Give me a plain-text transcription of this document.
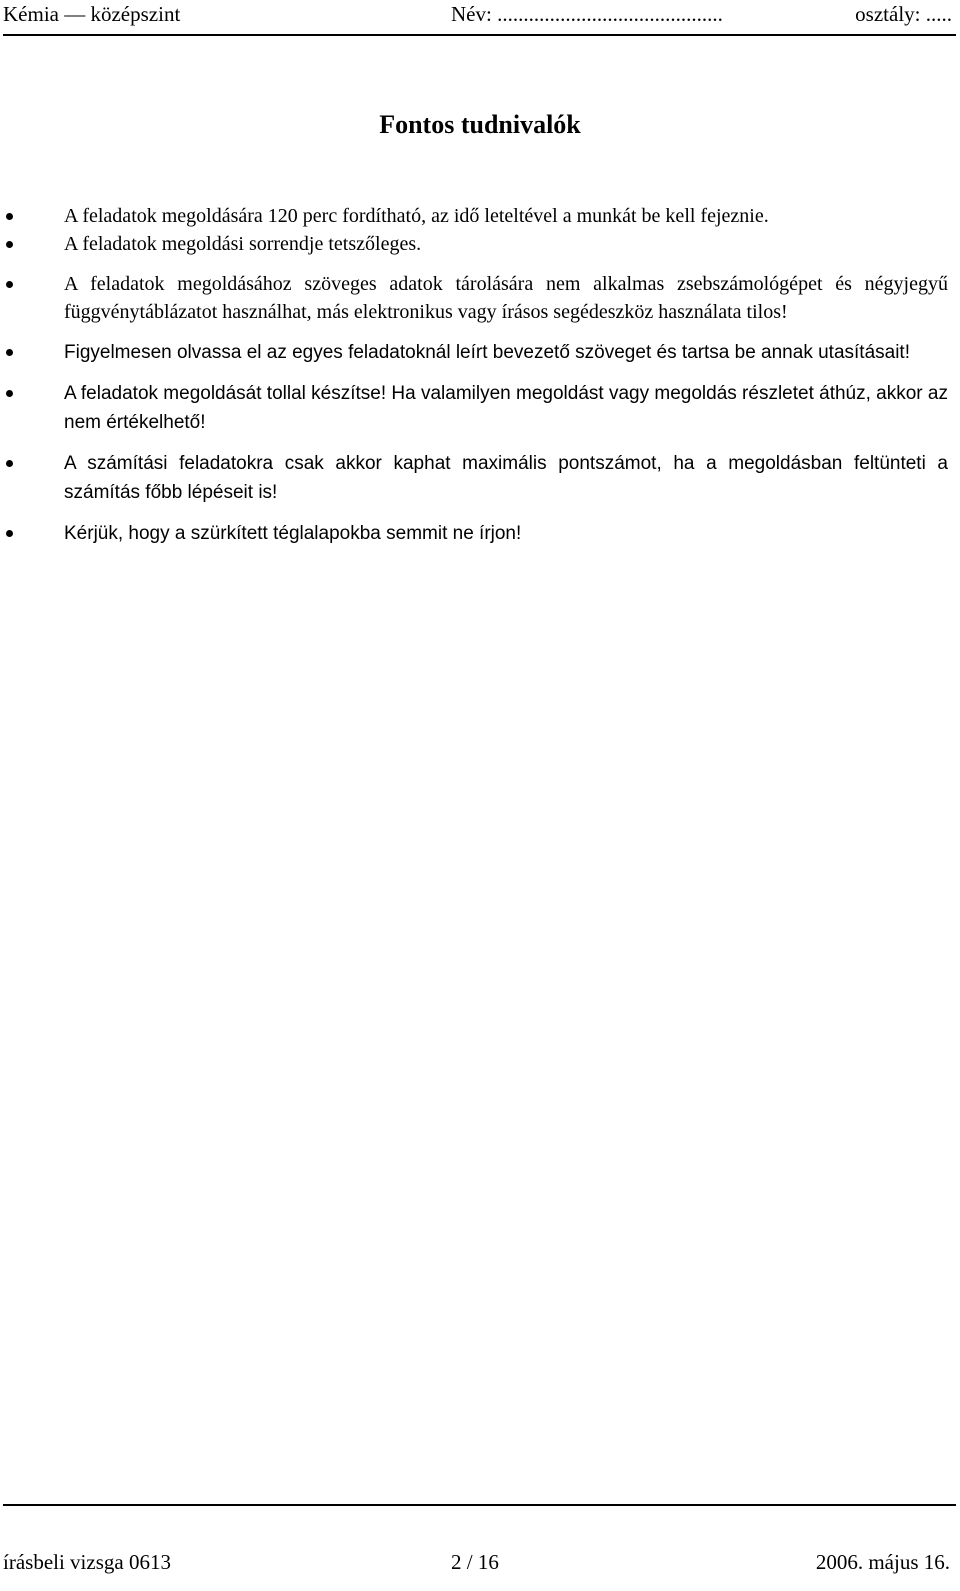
Kémia — középszint	Név: ...........................................	osztály: .....
Fontos tudnivalók
A feladatok megoldására 120 perc fordítható, az idő leteltével a munkát be kell fejeznie.
A feladatok megoldási sorrendje tetszőleges.
A feladatok megoldásához szöveges adatok tárolására nem alkalmas zsebszámológépet és négyjegyű függvénytáblázatot használhat, más elektronikus vagy írásos segédeszköz használata tilos!
Figyelmesen olvassa el az egyes feladatoknál leírt bevezető szöveget és tartsa be annak utasításait!
A feladatok megoldását tollal készítse! Ha valamilyen megoldást vagy megoldás részletet áthúz, akkor az nem értékelhető!
A számítási feladatokra csak akkor kaphat maximális pontszámot, ha a megoldásban feltünteti a számítás főbb lépéseit is!
Kérjük, hogy a szürkített téglalapokba semmit ne írjon!
írásbeli vizsga 0613	2 / 16	2006. május 16.
